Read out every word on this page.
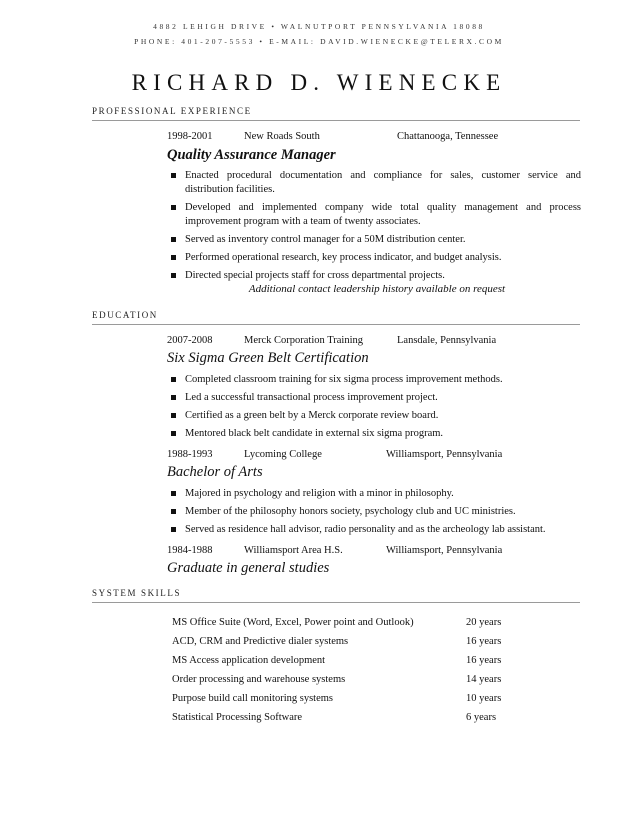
4882 LEHIGH DRIVE • WALNUTPORT PENNSYLVANIA 18088
PHONE: 401-207-5553 • E-MAIL: DAVID.WIENECKE@TELERX.COM
RICHARD D. WIENECKE
PROFESSIONAL EXPERIENCE
1998-2001	New Roads South	Chattanooga, Tennessee
Quality Assurance Manager
Enacted procedural documentation and compliance for sales, customer service and distribution facilities.
Developed and implemented company wide total quality management and process improvement program with a team of twenty associates.
Served as inventory control manager for a 50M distribution center.
Performed operational research, key process indicator, and budget analysis.
Directed special projects staff for cross departmental projects.
Additional contact leadership history available on request
EDUCATION
2007-2008	Merck Corporation Training	Lansdale, Pennsylvania
Six Sigma Green Belt Certification
Completed classroom training for six sigma process improvement methods.
Led a successful transactional process improvement project.
Certified as a green belt by a Merck corporate review board.
Mentored black belt candidate in external six sigma program.
1988-1993	Lycoming College	Williamsport, Pennsylvania
Bachelor of Arts
Majored in psychology and religion with a minor in philosophy.
Member of the philosophy honors society, psychology club and UC ministries.
Served as residence hall advisor, radio personality and as the archeology lab assistant.
1984-1988	Williamsport Area H.S.	Williamsport, Pennsylvania
Graduate in general studies
SYSTEM SKILLS
MS Office Suite (Word, Excel, Power point and Outlook)	20 years
ACD, CRM and Predictive dialer systems	16 years
MS Access application development	16 years
Order processing and warehouse systems	14 years
Purpose build call monitoring systems	10 years
Statistical Processing Software	6 years
